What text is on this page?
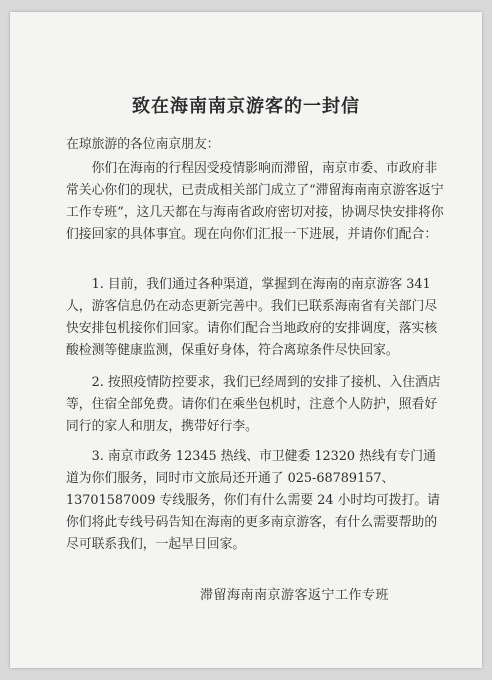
致在海南南京游客的一封信
在琼旅游的各位南京朋友：
你们在海南的行程因受疫情影响而滞留，南京市委、市政府非常关心你们的现状，已责成相关部门成立了“滞留海南南京游客返宁工作专班”，这几天都在与海南省政府密切对接，协调尽快安排将你们接回家的具体事宜。现在向你们汇报一下进展，并请你们配合：
1. 目前，我们通过各种渠道，掌握到在海南的南京游客 341 人，游客信息仍在动态更新完善中。我们已联系海南省有关部门尽快安排包机接你们回家。请你们配合当地政府的安排调度，落实核酸检测等健康监测，保重好身体，符合离琼条件尽快回家。
2. 按照疫情防控要求，我们已经周到的安排了接机、入住酒店等，住宿全部免费。请你们在乘坐包机时，注意个人防护，照看好同行的家人和朋友，携带好行李。
3. 南京市政务 12345 热线、市卫健委 12320 热线有专门通道为你们服务，同时市文旅局还开通了 025-68789157、13701587009 专线服务，你们有什么需要 24 小时均可拨打。请你们将此专线号码告知在海南的更多南京游客，有什么需要帮助的尽可联系我们，一起早日回家。
滞留海南南京游客返宁工作专班
